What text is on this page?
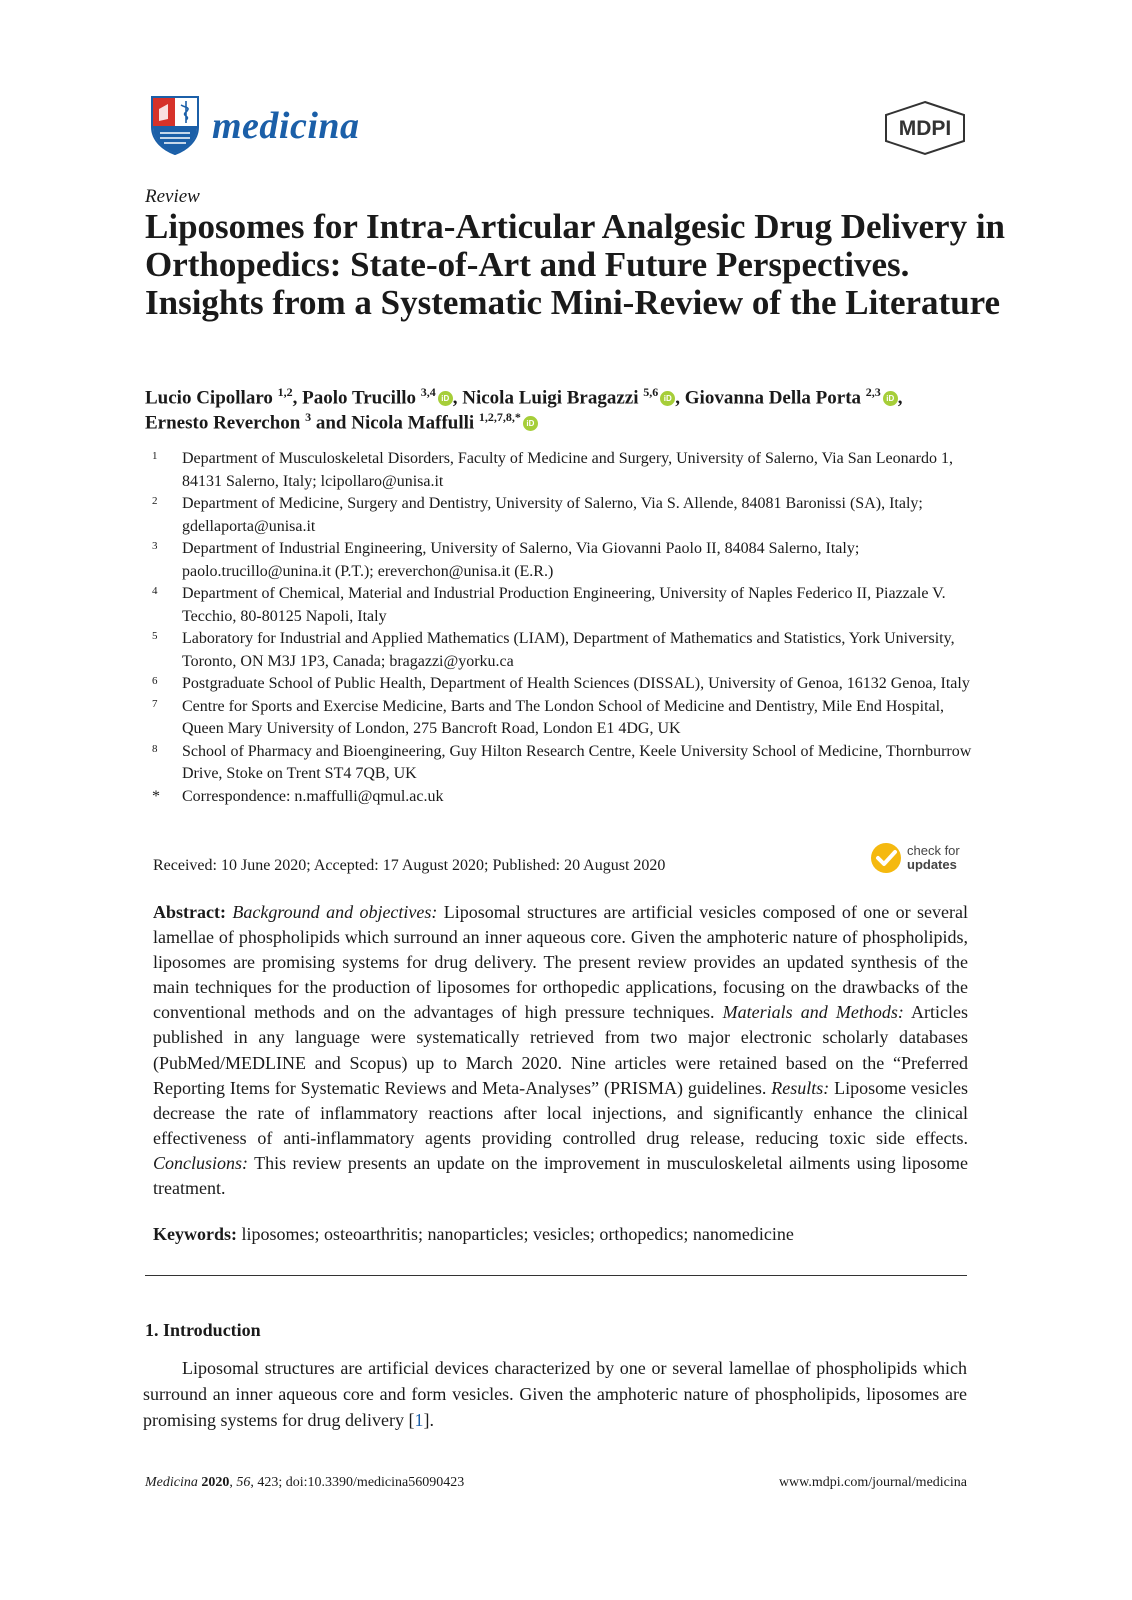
medicina	MDPI
Review
Liposomes for Intra-Articular Analgesic Drug Delivery in Orthopedics: State-of-Art and Future Perspectives. Insights from a Systematic Mini-Review of the Literature
Lucio Cipollaro $^{1,2}$, Paolo Trucillo $^{3,4}$ iD , Nicola Luigi Bragazzi $^{5,6}$ iD , Giovanna Della Porta $^{2,3}$ iD ,
Ernesto Reverchon $^3$ and Nicola Maffulli $^{1,2,7,8,*}$ iD
1 Department of Musculoskeletal Disorders, Faculty of Medicine and Surgery, University of Salerno, Via San Leonardo 1, 84131 Salerno, Italy; lcipollaro@unisa.it
2 Department of Medicine, Surgery and Dentistry, University of Salerno, Via S. Allende, 84081 Baronissi (SA), Italy; gdellaporta@unisa.it
3 Department of Industrial Engineering, University of Salerno, Via Giovanni Paolo II, 84084 Salerno, Italy; paolo.trucillo@unina.it (P.T.); ereverchon@unisa.it (E.R.)
4 Department of Chemical, Material and Industrial Production Engineering, University of Naples Federico II, Piazzale V. Tecchio, 80-80125 Napoli, Italy
5 Laboratory for Industrial and Applied Mathematics (LIAM), Department of Mathematics and Statistics, York University, Toronto, ON M3J 1P3, Canada; bragazzi@yorku.ca
6 Postgraduate School of Public Health, Department of Health Sciences (DISSAL), University of Genoa, 16132 Genoa, Italy
7 Centre for Sports and Exercise Medicine, Barts and The London School of Medicine and Dentistry, Mile End Hospital, Queen Mary University of London, 275 Bancroft Road, London E1 4DG, UK
8 School of Pharmacy and Bioengineering, Guy Hilton Research Centre, Keele University School of Medicine, Thornburrow Drive, Stoke on Trent ST4 7QB, UK
* Correspondence: n.maffulli@qmul.ac.uk
Received: 10 June 2020; Accepted: 17 August 2020; Published: 20 August 2020
check for
updates
Abstract: Background and objectives: Liposomal structures are artificial vesicles composed of one or several lamellae of phospholipids which surround an inner aqueous core. Given the amphoteric nature of phospholipids, liposomes are promising systems for drug delivery. The present review provides an updated synthesis of the main techniques for the production of liposomes for orthopedic applications, focusing on the drawbacks of the conventional methods and on the advantages of high pressure techniques. Materials and Methods: Articles published in any language were systematically retrieved from two major electronic scholarly databases (PubMed/MEDLINE and Scopus) up to March 2020. Nine articles were retained based on the “Preferred Reporting Items for Systematic Reviews and Meta-Analyses” (PRISMA) guidelines. Results: Liposome vesicles decrease the rate of inflammatory reactions after local injections, and significantly enhance the clinical effectiveness of anti-inflammatory agents providing controlled drug release, reducing toxic side effects. Conclusions: This review presents an update on the improvement in musculoskeletal ailments using liposome treatment.
Keywords: liposomes; osteoarthritis; nanoparticles; vesicles; orthopedics; nanomedicine
1. Introduction
Liposomal structures are artificial devices characterized by one or several lamellae of phospholipids which surround an inner aqueous core and form vesicles. Given the amphoteric nature of phospholipids, liposomes are promising systems for drug delivery [1].
Medicina 2020, 56, 423; doi:10.3390/medicina56090423	www.mdpi.com/journal/medicina
